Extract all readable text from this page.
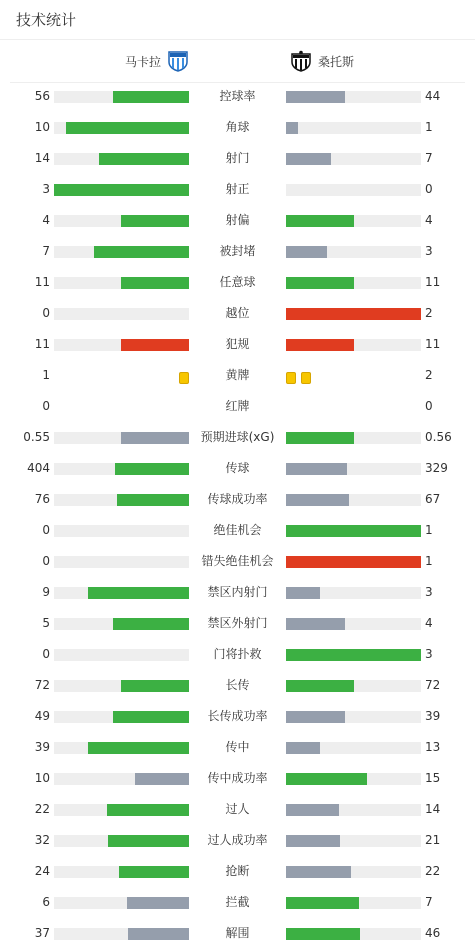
技术统计
马卡拉	桑托斯
56	控球率	44
10	角球	1
14	射门	7
3	射正	0
4	射偏	4
7	被封堵	3
11	任意球	11
0	越位	2
11	犯规	11
1	黄牌	2
0	红牌	0
0.55	预期进球(xG)	0.56
404	传球	329
76	传球成功率	67
0	绝佳机会	1
0	错失绝佳机会	1
9	禁区内射门	3
5	禁区外射门	4
0	门将扑救	3
72	长传	72
49	长传成功率	39
39	传中	13
10	传中成功率	15
22	过人	14
32	过人成功率	21
24	抢断	22
6	拦截	7
37	解围	46
